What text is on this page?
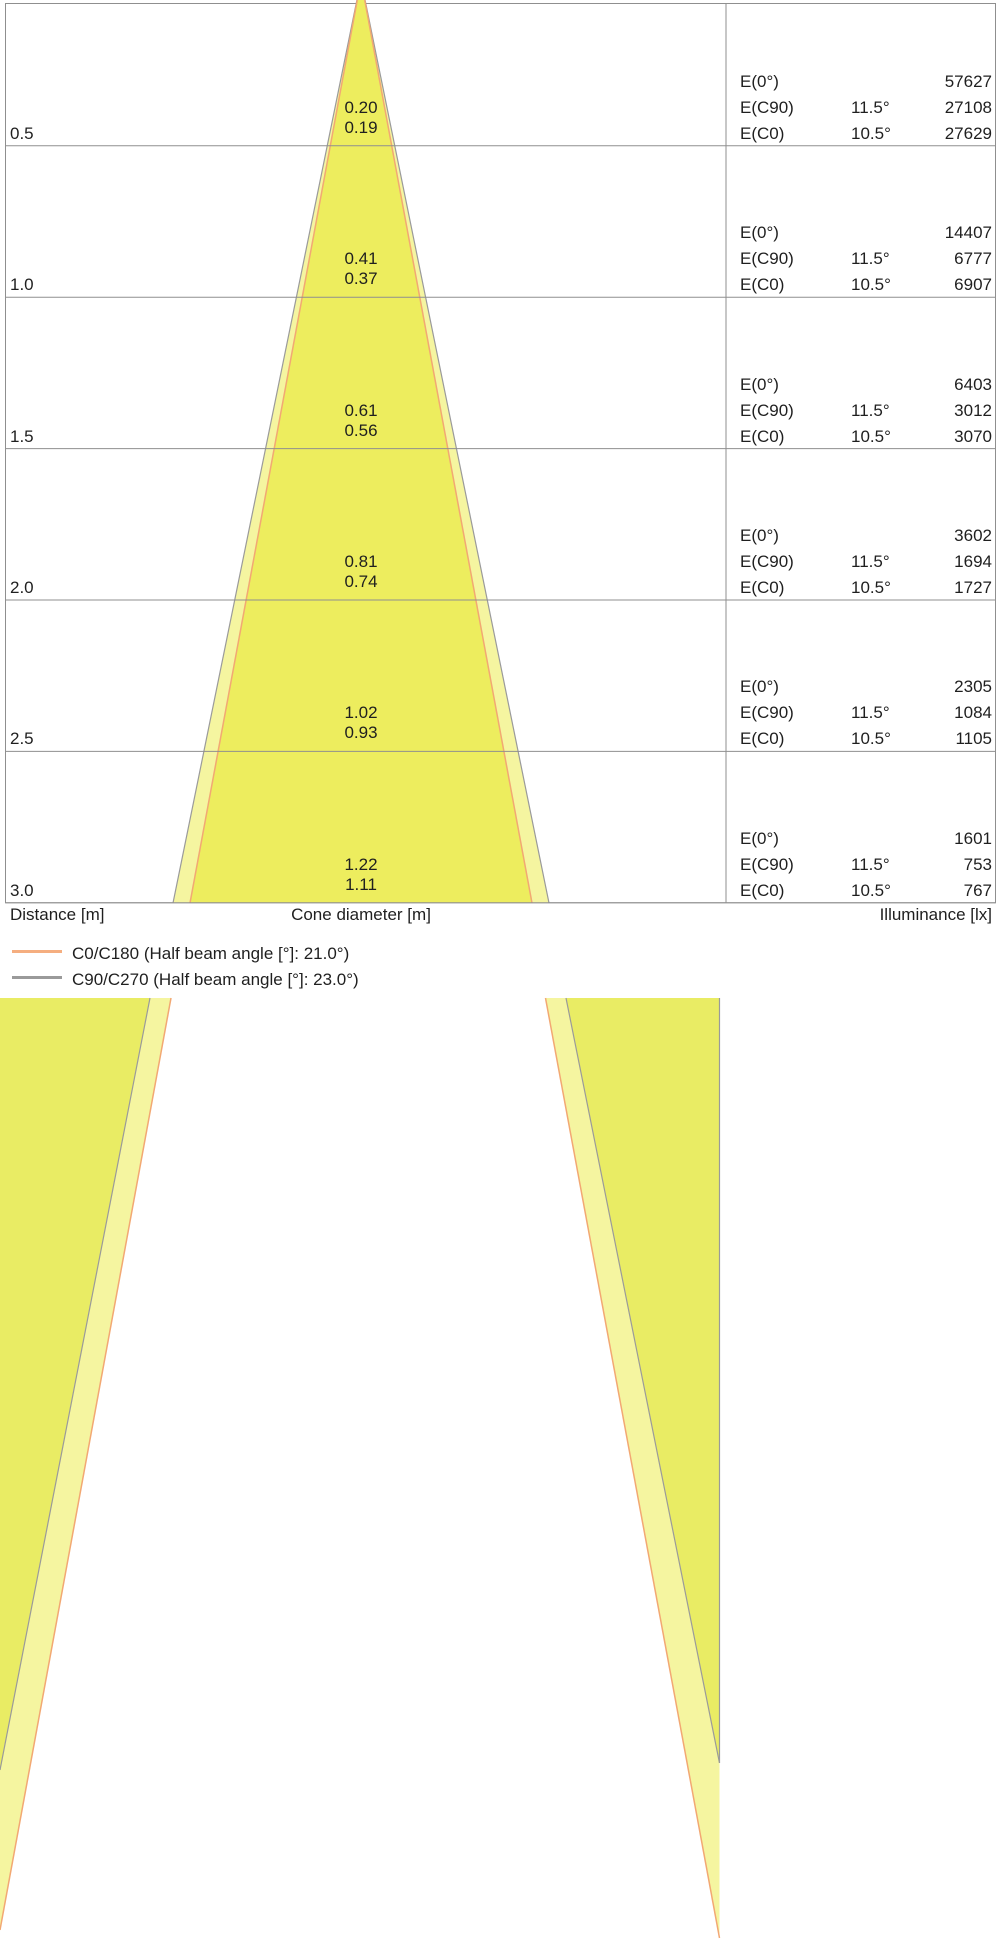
0.5
0.20
0.19
E(0°)
E(C90)
E(C0)
11.5°
10.5°
57627
27108
27629
1.0
0.41
0.37
E(0°)
E(C90)
E(C0)
11.5°
10.5°
14407
6777
6907
1.5
0.61
0.56
E(0°)
E(C90)
E(C0)
11.5°
10.5°
6403
3012
3070
2.0
0.81
0.74
E(0°)
E(C90)
E(C0)
11.5°
10.5°
3602
1694
1727
2.5
1.02
0.93
E(0°)
E(C90)
E(C0)
11.5°
10.5°
2305
1084
1105
3.0
1.22
1.11
E(0°)
E(C90)
E(C0)
11.5°
10.5°
1601
753
767
Distance [m]	Cone diameter [m]	Illuminance [lx]
C0/C180 (Half beam angle [°]: 21.0°)
C90/C270 (Half beam angle [°]: 23.0°)
